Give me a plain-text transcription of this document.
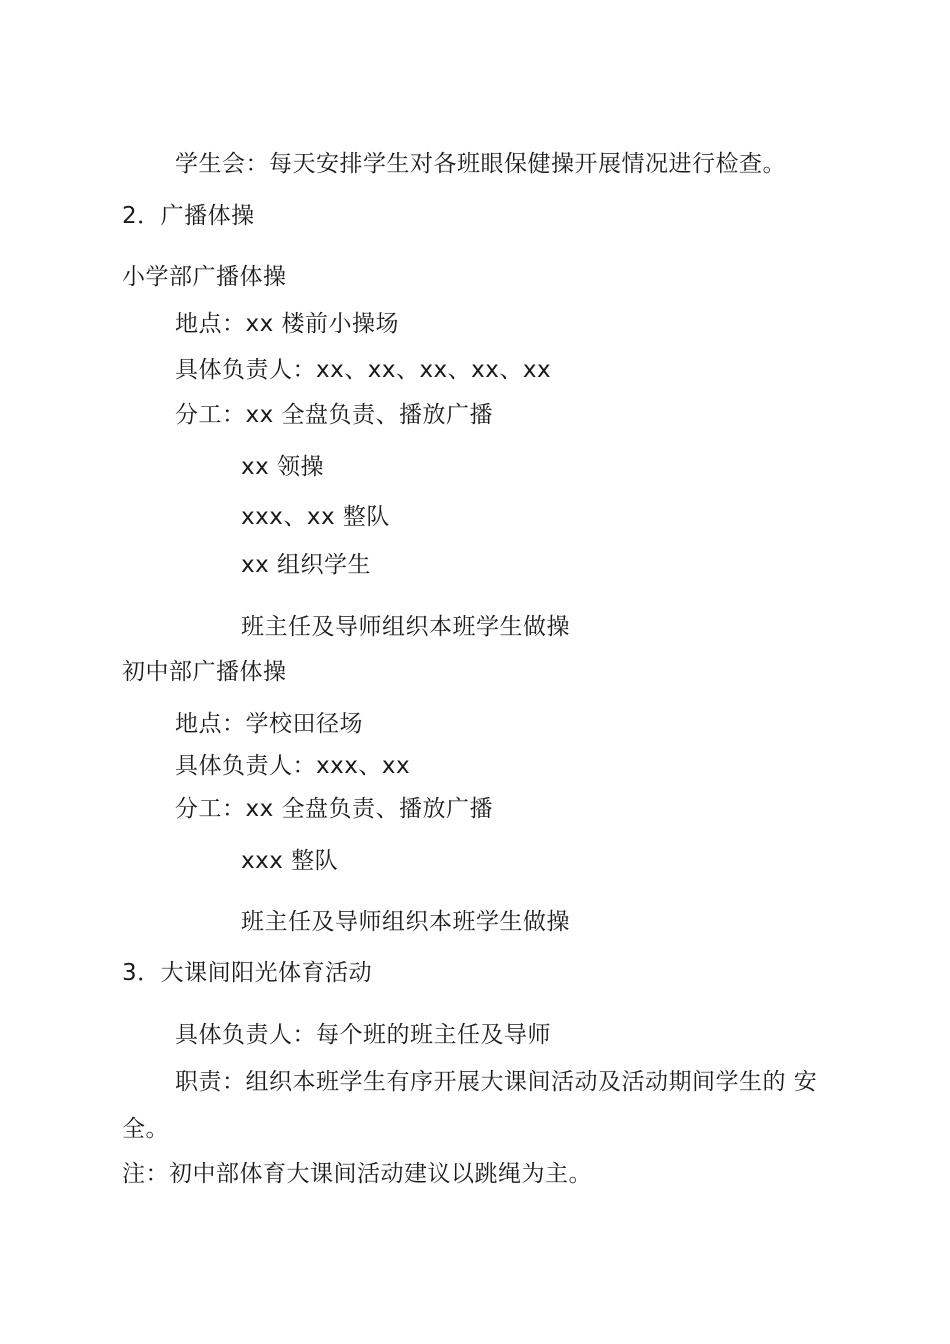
学生会：每天安排学生对各班眼保健操开展情况进行检查。
2．广播体操
小学部广播体操
地点：xx 楼前小操场
具体负责人：xx、xx、xx、xx、xx
分工：xx 全盘负责、播放广播
xx 领操
xxx、xx 整队
xx 组织学生
班主任及导师组织本班学生做操
初中部广播体操
地点：学校田径场
具体负责人：xxx、xx
分工：xx 全盘负责、播放广播
xxx 整队
班主任及导师组织本班学生做操
3．大课间阳光体育活动
具体负责人：每个班的班主任及导师
职责：组织本班学生有序开展大课间活动及活动期间学生的 安
全。
注：初中部体育大课间活动建议以跳绳为主。
